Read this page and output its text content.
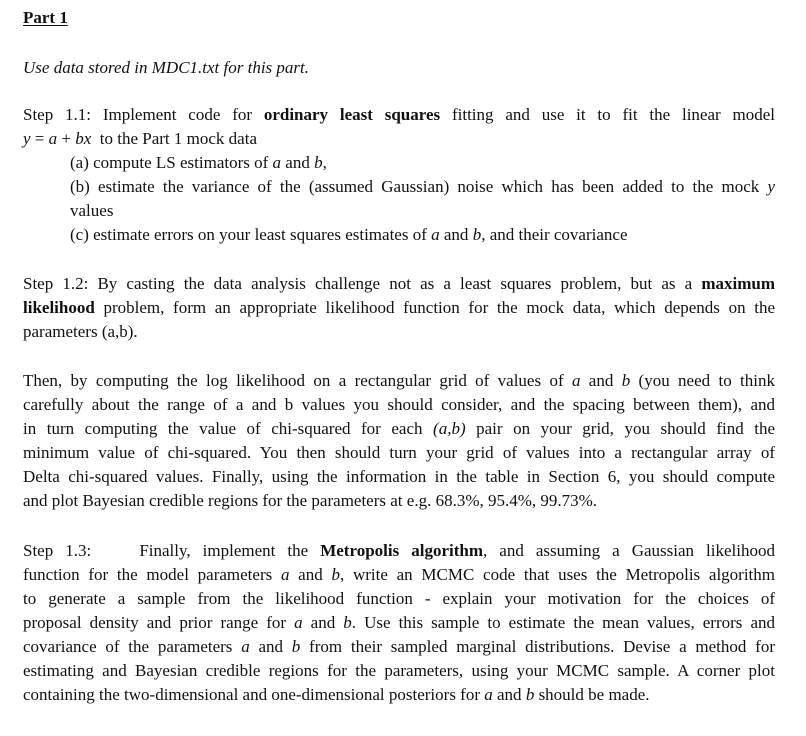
Part 1
Use data stored in MDC1.txt for this part.
Step 1.1: Implement code for ordinary least squares fitting and use it to fit the linear model
y = a + bx  to the Part 1 mock data
(a) compute LS estimators of a and b,
(b) estimate the variance of the (assumed Gaussian) noise which has been added to the mock y
values
(c) estimate errors on your least squares estimates of a and b, and their covariance
Step 1.2: By casting the data analysis challenge not as a least squares problem, but as a maximum
likelihood problem, form an appropriate likelihood function for the mock data, which depends on the
parameters (a,b).
Then, by computing the log likelihood on a rectangular grid of values of a and b (you need to think
carefully about the range of a and b values you should consider, and the spacing between them), and
in turn computing the value of chi-squared for each (a,b) pair on your grid, you should find the
minimum value of chi-squared. You then should turn your grid of values into a rectangular array of
Delta chi-squared values. Finally, using the information in the table in Section 6, you should compute
and plot Bayesian credible regions for the parameters at e.g. 68.3%, 95.4%, 99.73%.
Step 1.3:    Finally, implement the Metropolis algorithm, and assuming a Gaussian likelihood
function for the model parameters a and b, write an MCMC code that uses the Metropolis algorithm
to generate a sample from the likelihood function - explain your motivation for the choices of
proposal density and prior range for a and b. Use this sample to estimate the mean values, errors and
covariance of the parameters a and b from their sampled marginal distributions. Devise a method for
estimating and Bayesian credible regions for the parameters, using your MCMC sample. A corner plot
containing the two-dimensional and one-dimensional posteriors for a and b should be made.
